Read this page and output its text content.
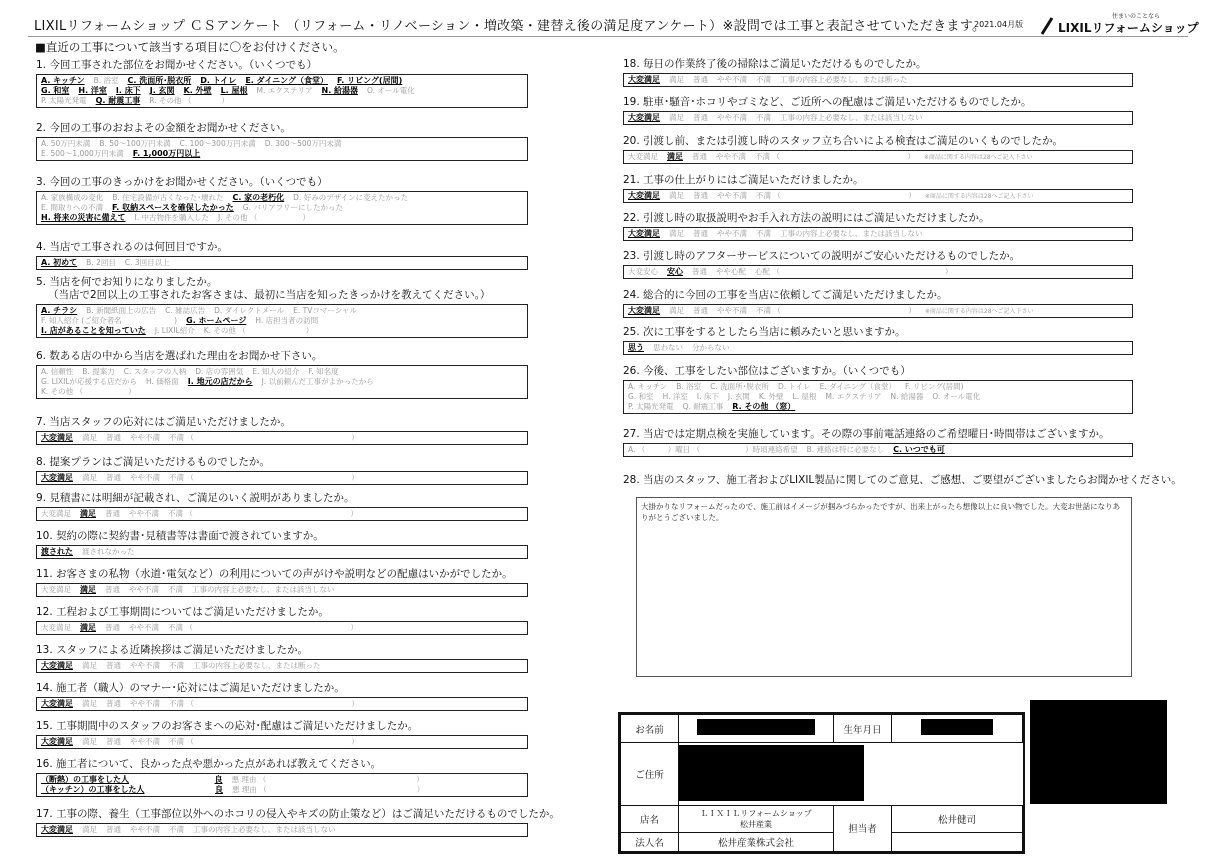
LIXILリフォームショップ ＣＳアンケート （リフォーム・リノベーション・増改築・建替え後の満足度アンケート）※設問では工事と表記させていただきます。
2021.04月版
住まいのことなら
LIXILリフォームショップ
■直近の工事について該当する項目に〇をお付けください。
1. 今回工事された部位をお聞かせください。（いくつでも）
A. キッチン B. 浴室 C. 洗面所･脱衣所 D. トイレ E. ダイニング（食堂） F. リビング(居間)
G. 和室 H. 洋室 I. 床下 J. 玄関 K. 外壁 L. 屋根 M. エクステリア N. 給湯器 O. オール電化
P. 太陽光発電 Q. 耐震工事 R. その他 （　　　　）
2. 今回の工事のおおよその金額をお聞かせください。
A. 50万円未満 B. 50～100万円未満 C. 100～300万円未満 D. 300～500万円未満
E. 500～1,000万円未満 F. 1,000万円以上
3. 今回の工事のきっかけをお聞かせください。（いくつでも）
A. 家族構成の変化 B. 住宅設備が古くなった･壊れた C. 家の老朽化 D. 好みのデザインに変えたかった
E. 間取りへの不満 F. 収納スペースを確保したかった G. バリアフリーにしたかった
H. 将来の災害に備えて I. 中古物件を購入した J. その他 （　　　　　　）
4. 当店で工事されるのは何回目ですか。
A. 初めて B. 2回目 C. 3回目以上
5. 当店を何でお知りになりましたか。
（当店で2回以上の工事されたお客さまは、最初に当店を知ったきっかけを教えてください。）
A. チラシ B. 新聞紙面上の広告 C. 雑誌広告 D. ダイレクトメール E. TVコマーシャル
F. 知人紹介 (ご紹介者名　　　　　　　) G. ホームページ H. 店担当者の訪問
I. 店があることを知っていた J. LIXIL紹介 K. その他 （　　　　　　　　）
6. 数ある店の中から当店を選ばれた理由をお聞かせ下さい。
A. 信頼性 B. 提案力 C. スタッフの人柄 D. 店の雰囲気 E. 知人の紹介 F. 知名度
G. LIXILが応援する店だから H. 価格面 I. 地元の店だから J. 以前頼んだ工事がよかったから
K. その他 （　　　　　　）
7. 当店スタッフの応対にはご満足いただけましたか。
大変満足 満足 普通 やや不満 不満 （　　　　　　　　　　　　　　　　　　　　　）
8. 提案プランはご満足いただけるものでしたか。
大変満足 満足 普通 やや不満 不満 （　　　　　　　　　　　　　　　　　　　　　）
9. 見積書には明細が記載され、ご満足のいく説明がありましたか。
大変満足 満足 普通 やや不満 不満 （　　　　　　　　　　　　　　　　　　　　　）
10. 契約の際に契約書･見積書等は書面で渡されていますか。
渡された 渡されなかった
11. お客さまの私物（水道･電気など）の利用についての声がけや説明などの配慮はいかがでしたか。
大変満足 満足 普通 やや不満 不満 工事の内容上必要なし、または該当しない
12. 工程および工事期間についてはご満足いただけましたか。
大変満足 満足 普通 やや不満 不満 （　　　　　　　　　　　　　　　　　　　　　）
13. スタッフによる近隣挨拶はご満足いただけましたか。
大変満足 満足 普通 やや不満 不満 工事の内容上必要なし、または断った
14. 施工者（職人）のマナー･応対にはご満足いただけましたか。
大変満足 満足 普通 やや不満 不満 （　　　　　　　　　　　　　　　　　　　　　）
15. 工事期間中のスタッフのお客さまへの応対･配慮はご満足いただけましたか。
大変満足 満足 普通 やや不満 不満 （　　　　　　　　　　　　　　　　　　　　　）
16. 施工者について、良かった点や悪かった点があれば教えてください。
（断熱）の工事をした人　　　　　　　　　	良 悪 理由 （　　　　　　　　　　　　　　　　　　　　）
（キッチン）の工事をした人　　　　　　　	良 悪 理由 （　　　　　　　　　　　　　　　　　　　　）
17. 工事の際、養生（工事部位以外へのホコリの侵入やキズの防止策など）はご満足いただけるものでしたか。
大変満足 満足 普通 やや不満 不満 工事の内容上必要なし、または該当しない
18. 毎日の作業終了後の掃除はご満足いただけるものでしたか。
大変満足 満足 普通 やや不満 不満 工事の内容上必要なし、または断った
19. 駐車･騒音･ホコリやゴミなど、ご近所への配慮はご満足いただけるものでしたか。
大変満足 満足 普通 やや不満 不満 工事の内容上必要なし、または該当しない
20. 引渡し前、または引渡し時のスタッフ立ち合いによる検査はご満足のいくものでしたか。
大変満足 満足 普通 やや不満 不満 （　　　　　　　　　　　　　　　　　） ※商品に関する内容は28へご記入下さい
21. 工事の仕上がりにはご満足いただけましたか。
大変満足 満足 普通 やや不満 不満 （　　　　　　　　　　　　　　　　　） ※商品に関する内容は28へご記入下さい
22. 引渡し時の取扱説明やお手入れ方法の説明にはご満足いただけましたか。
大変満足 満足 普通 やや不満 不満 工事の内容上必要なし、または該当しない
23. 引渡し時のアフターサービスについての説明がご安心いただけるものでしたか。
大変安心 安心 普通 やや心配 心配 （　　　　　　　　　　　　　　　　　　　　　　）
24. 総合的に今回の工事を当店に依頼してご満足いただけましたか。
大変満足 満足 普通 やや不満 不満 （　　　　　　　　　　　　　　　　　） ※商品に関する内容は28へご記入下さい
25. 次に工事をするとしたら当店に頼みたいと思いますか。
思う 思わない 分からない
26. 今後、工事をしたい部位はございますか。（いくつでも）
A. キッチン B. 浴室 C. 洗面所･脱衣所 D. トイレ E. ダイニング（食堂） F. リビング(居間)
G. 和室 H. 洋室 I. 床下 J. 玄関 K. 外壁 L. 屋根 M. エクステリア N. 給湯器 O. オール電化
P. 太陽光発電 Q. 耐震工事 R. その他 （窓）
27. 当店では定期点検を実施しています。その際の事前電話連絡のご希望曜日･時間帯はございますか。
A. （　　　）曜日 （　　　　　　）時頃連絡希望 B. 連絡は特に必要なし C. いつでも可
28. 当店のスタッフ、施工者およびLIXIL製品に関してのご意見、ご感想、ご要望がございましたらお聞かせください。
大掛かりなリフォームだったので、施工前はイメージが掴みづらかったですが、出来上がったら想像以上に良い物でした。大変お世話になりありがとうございました。
お名前		生年月日	
ご住所			
店名	ＬＩＸＩＬリフォームショップ
松井産業	担当者	松井健司
法人名	松井産業株式会社		
